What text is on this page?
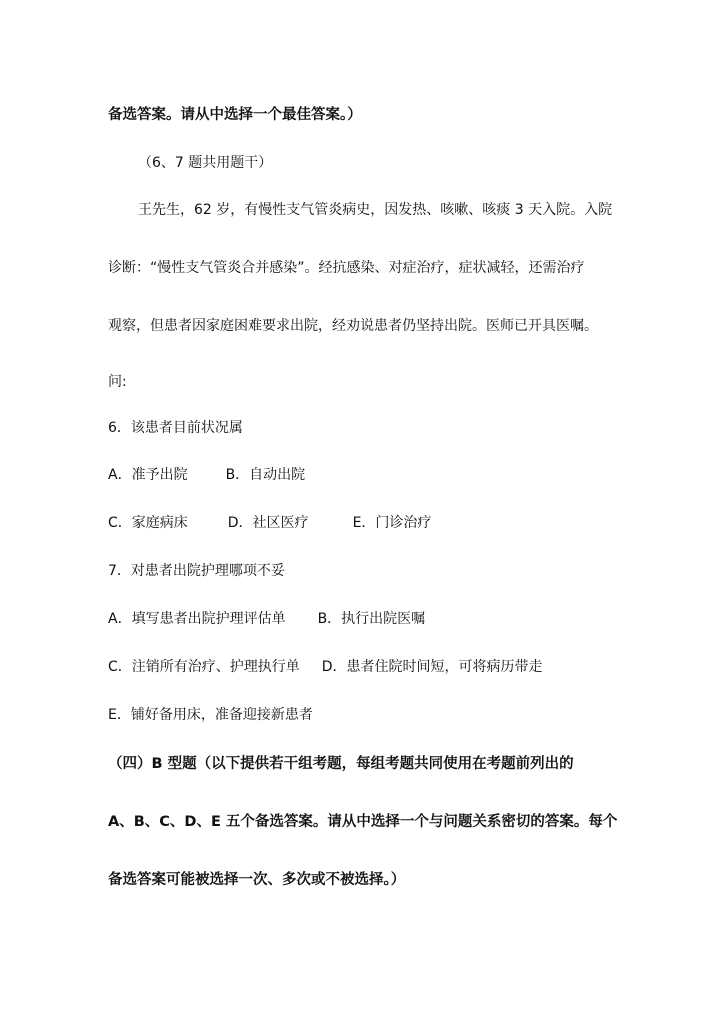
备选答案。请从中选择一个最佳答案。）
（6、7 题共用题干）
王先生，62 岁，有慢性支气管炎病史，因发热、咳嗽、咳痰 3 天入院。入院
诊断：“慢性支气管炎合并感染”。经抗感染、对症治疗，症状减轻，还需治疗
观察，但患者因家庭困难要求出院，经劝说患者仍坚持出院。医师已开具医嘱。
问:
6．该患者目前状况属
A．准予出院	B．自动出院
C．家庭病床	D．社区医疗	E．门诊治疗
7．对患者出院护理哪项不妥
A．填写患者出院护理评估单 B．执行出院医嘱
C．注销所有治疗、护理执行单 D．患者住院时间短，可将病历带走
E．铺好备用床，准备迎接新患者
（四）B 型题（以下提供若干组考题，每组考题共同使用在考题前列出的
A、B、C、D、E 五个备选答案。请从中选择一个与问题关系密切的答案。每个
备选答案可能被选择一次、多次或不被选择。）
